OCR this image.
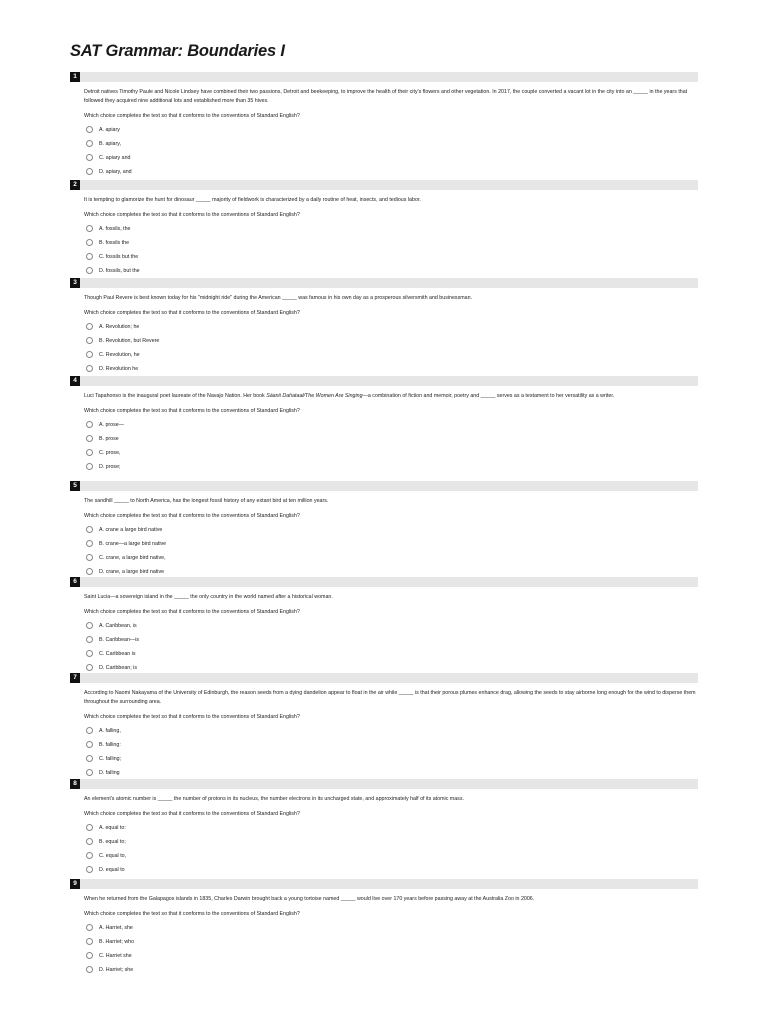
SAT Grammar: Boundaries I
1
Detroit natives Timothy Paule and Nicole Lindsey have combined their two passions, Detroit and beekeeping, to improve the health of their city's flowers and other vegetation. In 2017, the couple converted a vacant lot in the city into an _____ in the years that followed they acquired nine additional lots and established more than 35 hives.
Which choice completes the text so that it conforms to the conventions of Standard English?
A. apiary
B. apiary,
C. apiary and
D. apiary, and
2
It is tempting to glamorize the hunt for dinosaur _____ majority of fieldwork is characterized by a daily routine of heat, insects, and tedious labor.
Which choice completes the text so that it conforms to the conventions of Standard English?
A. fossils, the
B. fossils the
C. fossils but the
D. fossils, but the
3
Though Paul Revere is best known today for his "midnight ride" during the American _____ was famous in his own day as a prosperous silversmith and businessman.
Which choice completes the text so that it conforms to the conventions of Standard English?
A. Revolution; he
B. Revolution, but Revere
C. Revolution, he
D. Revolution he
4
Luci Tapahonso is the inaugural poet laureate of the Navajo Nation. Her book Sáanii Dahataał/The Women Are Singing—a combination of fiction and memoir, poetry and _____ serves as a testament to her versatility as a writer.
Which choice completes the text so that it conforms to the conventions of Standard English?
A. prose—
B. prose
C. prose,
D. prose;
5
The sandhill _____ to North America, has the longest fossil history of any extant bird at ten million years.
Which choice completes the text so that it conforms to the conventions of Standard English?
A. crane a large bird native
B. crane—a large bird native
C. crane, a large bird native,
D. crane, a large bird native
6
Saint Lucia—a sovereign island in the _____ the only country in the world named after a historical woman.
Which choice completes the text so that it conforms to the conventions of Standard English?
A. Caribbean, is
B. Caribbean—is
C. Caribbean is
D. Caribbean; is
7
According to Naomi Nakayama of the University of Edinburgh, the reason seeds from a dying dandelion appear to float in the air while _____ is that their porous plumes enhance drag, allowing the seeds to stay airborne long enough for the wind to disperse them throughout the surrounding area.
Which choice completes the text so that it conforms to the conventions of Standard English?
A. falling,
B. falling:
C. falling;
D. falling
8
An element's atomic number is _____ the number of protons in its nucleus, the number electrons in its uncharged state, and approximately half of its atomic mass.
Which choice completes the text so that it conforms to the conventions of Standard English?
A. equal to:
B. equal to;
C. equal to,
D. equal to
9
When he returned from the Galapagos islands in 1835, Charles Darwin brought back a young tortoise named _____ would live over 170 years before passing away at the Australia Zoo in 2006.
Which choice completes the text so that it conforms to the conventions of Standard English?
A. Harriet, she
B. Harriet; who
C. Harriet she
D. Harriet; she
